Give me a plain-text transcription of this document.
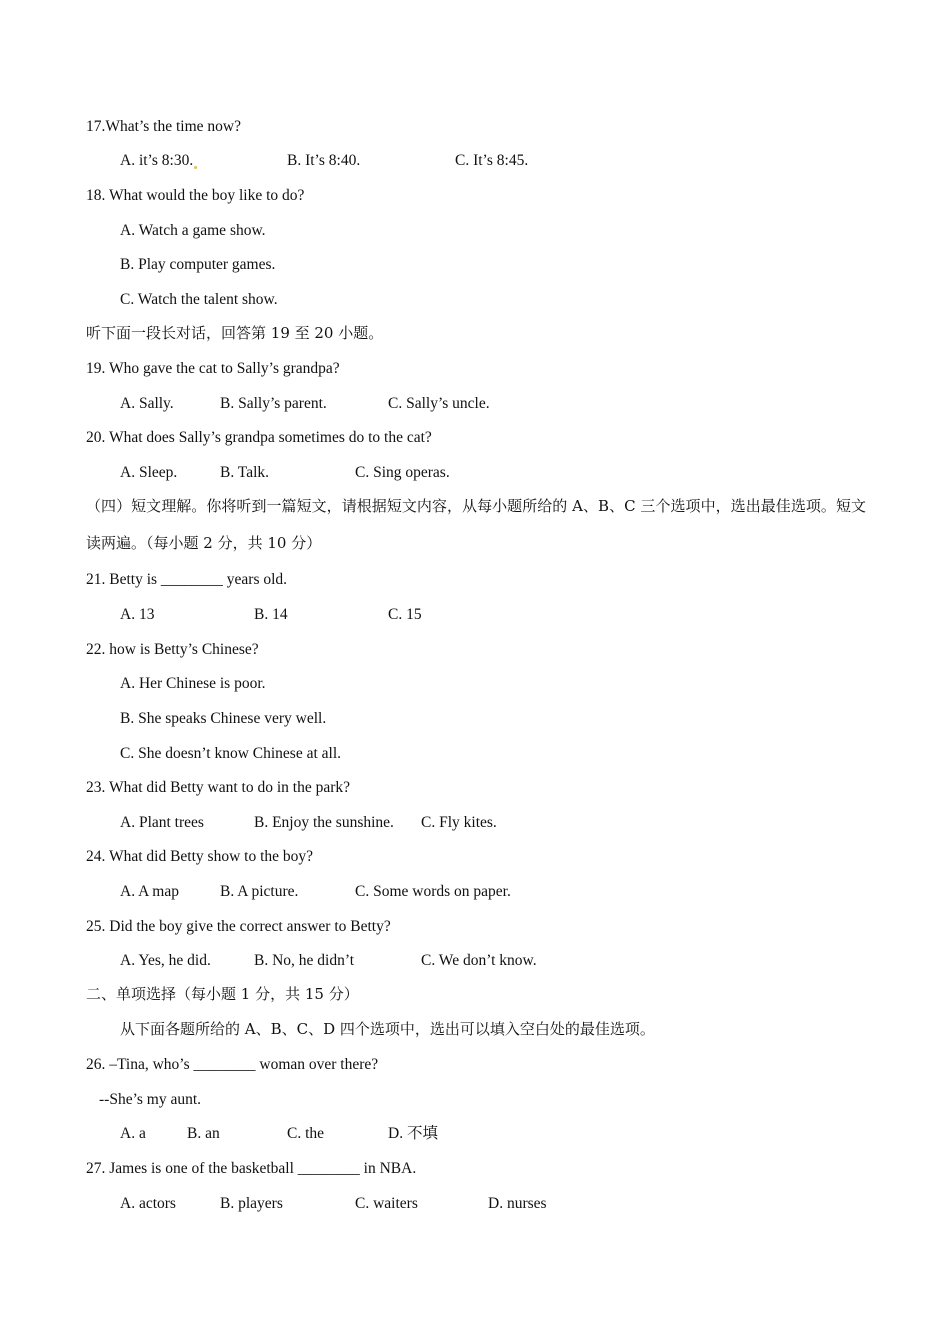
17.What’s the time now?
A. it’s 8:30.	B. It’s 8:40.	C. It’s 8:45.
18. What would the boy like to do?
A. Watch a game show.
B. Play computer games.
C. Watch the talent show.
听下面一段长对话，回答第 19 至 20 小题。
19. Who gave the cat to Sally’s grandpa?
A. Sally.	B. Sally’s parent.	C. Sally’s uncle.
20. What does Sally’s grandpa sometimes do to the cat?
A. Sleep.	B. Talk.	C. Sing operas.
（四）短文理解。你将听到一篇短文，请根据短文内容，从每小题所给的 A、B、C 三个选项中，选出最佳选项。短文读两遍。（每小题 2 分，共 10 分）
21. Betty is ________ years old.
A. 13	B. 14	C. 15
22. how is Betty’s Chinese?
A. Her Chinese is poor.
B. She speaks Chinese very well.
C. She doesn’t know Chinese at all.
23. What did Betty want to do in the park?
A. Plant trees	B. Enjoy the sunshine. C. Fly kites.
24. What did Betty show to the boy?
A. A map	B. A picture.	C. Some words on paper.
25. Did the boy give the correct answer to Betty?
A. Yes, he did.	B. No, he didn’t	C. We don’t know.
二、单项选择（每小题 1 分，共 15 分）
从下面各题所给的 A、B、C、D 四个选项中，选出可以填入空白处的最佳选项。
26. –Tina, who’s ________ woman over there?
--She’s my aunt.
A. a	B. an	C. the	D. 不填
27. James is one of the basketball ________ in NBA.
A. actors	B. players	C. waiters	D. nurses
